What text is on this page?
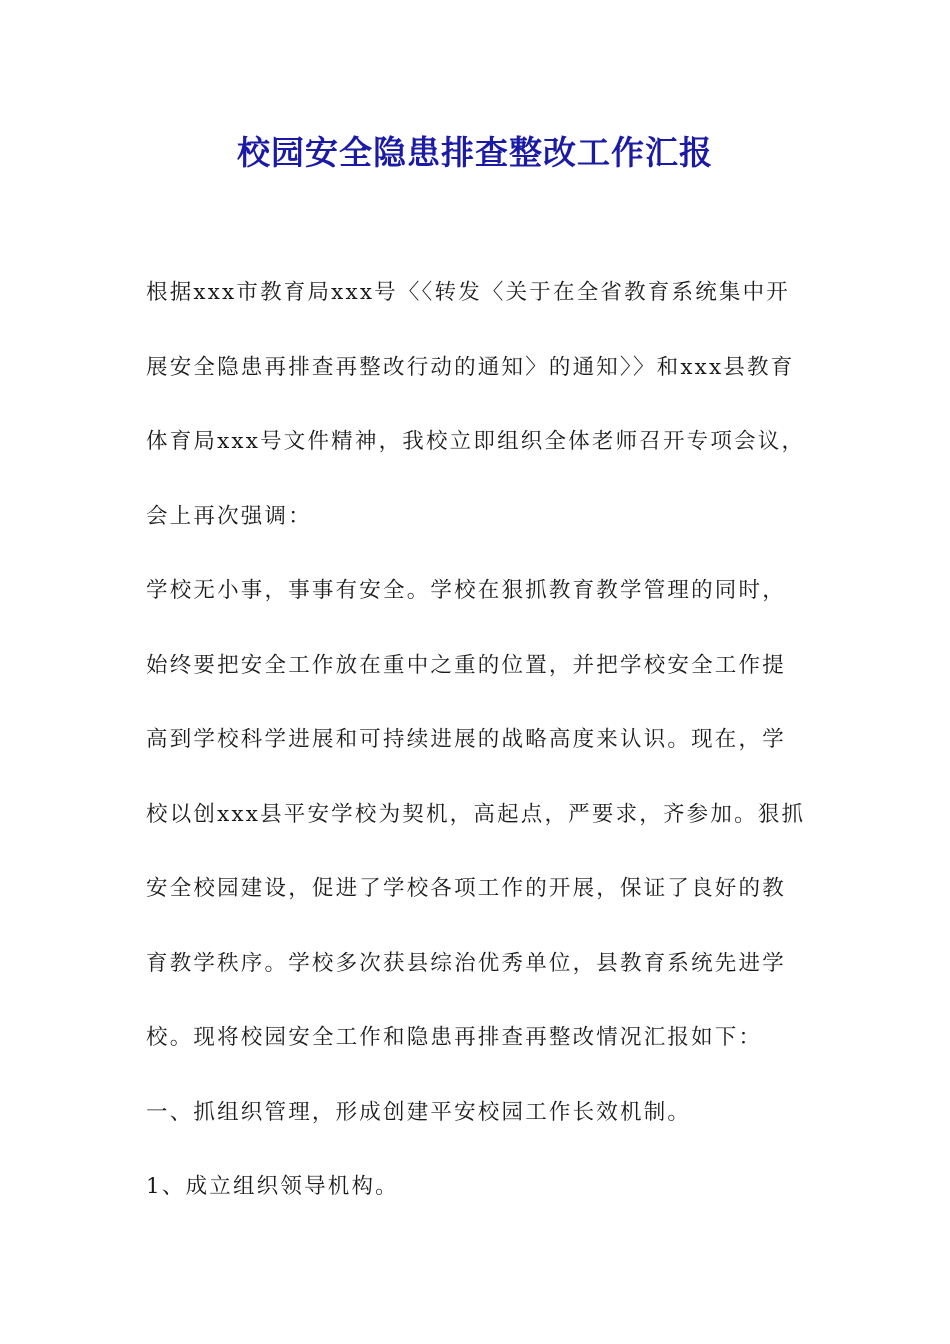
校园安全隐患排查整改工作汇报

根据xxx市教育局xxx号〈〈转发〈关于在全省教育系统集中开展安全隐患再排查再整改行动的通知〉的通知〉〉和xxx县教育体育局xxx号文件精神，我校立即组织全体老师召开专项会议，会上再次强调：

学校无小事，事事有安全。学校在狠抓教育教学管理的同时，始终要把安全工作放在重中之重的位置，并把学校安全工作提高到学校科学进展和可持续进展的战略高度来认识。现在，学校以创xxx县平安学校为契机，高起点，严要求，齐参加。狠抓安全校园建设，促进了学校各项工作的开展，保证了良好的教育教学秩序。学校多次获县综治优秀单位，县教育系统先进学校。现将校园安全工作和隐患再排查再整改情况汇报如下：

一、抓组织管理，形成创建平安校园工作长效机制。

1、成立组织领导机构。
